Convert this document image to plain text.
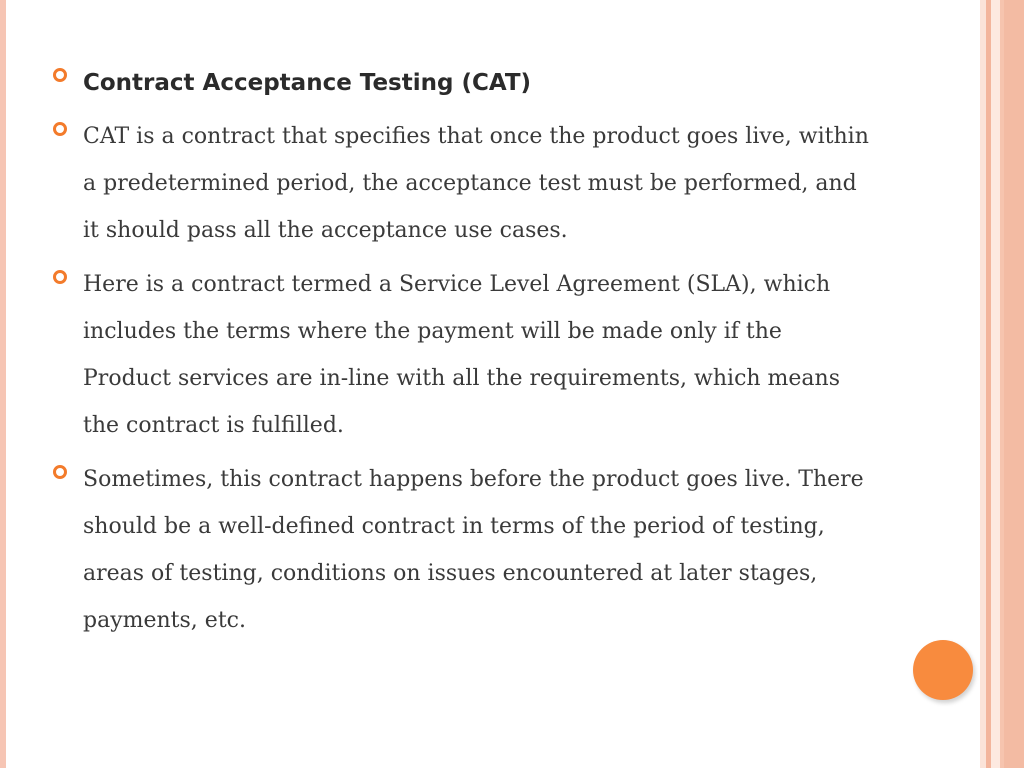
Contract Acceptance Testing (CAT)
CAT is a contract that specifies that once the product goes live, within a predetermined period, the acceptance test must be performed, and it should pass all the acceptance use cases.
Here is a contract termed a Service Level Agreement (SLA), which includes the terms where the payment will be made only if the Product services are in-line with all the requirements, which means the contract is fulfilled.
Sometimes, this contract happens before the product goes live. There should be a well-defined contract in terms of the period of testing, areas of testing, conditions on issues encountered at later stages, payments, etc.
